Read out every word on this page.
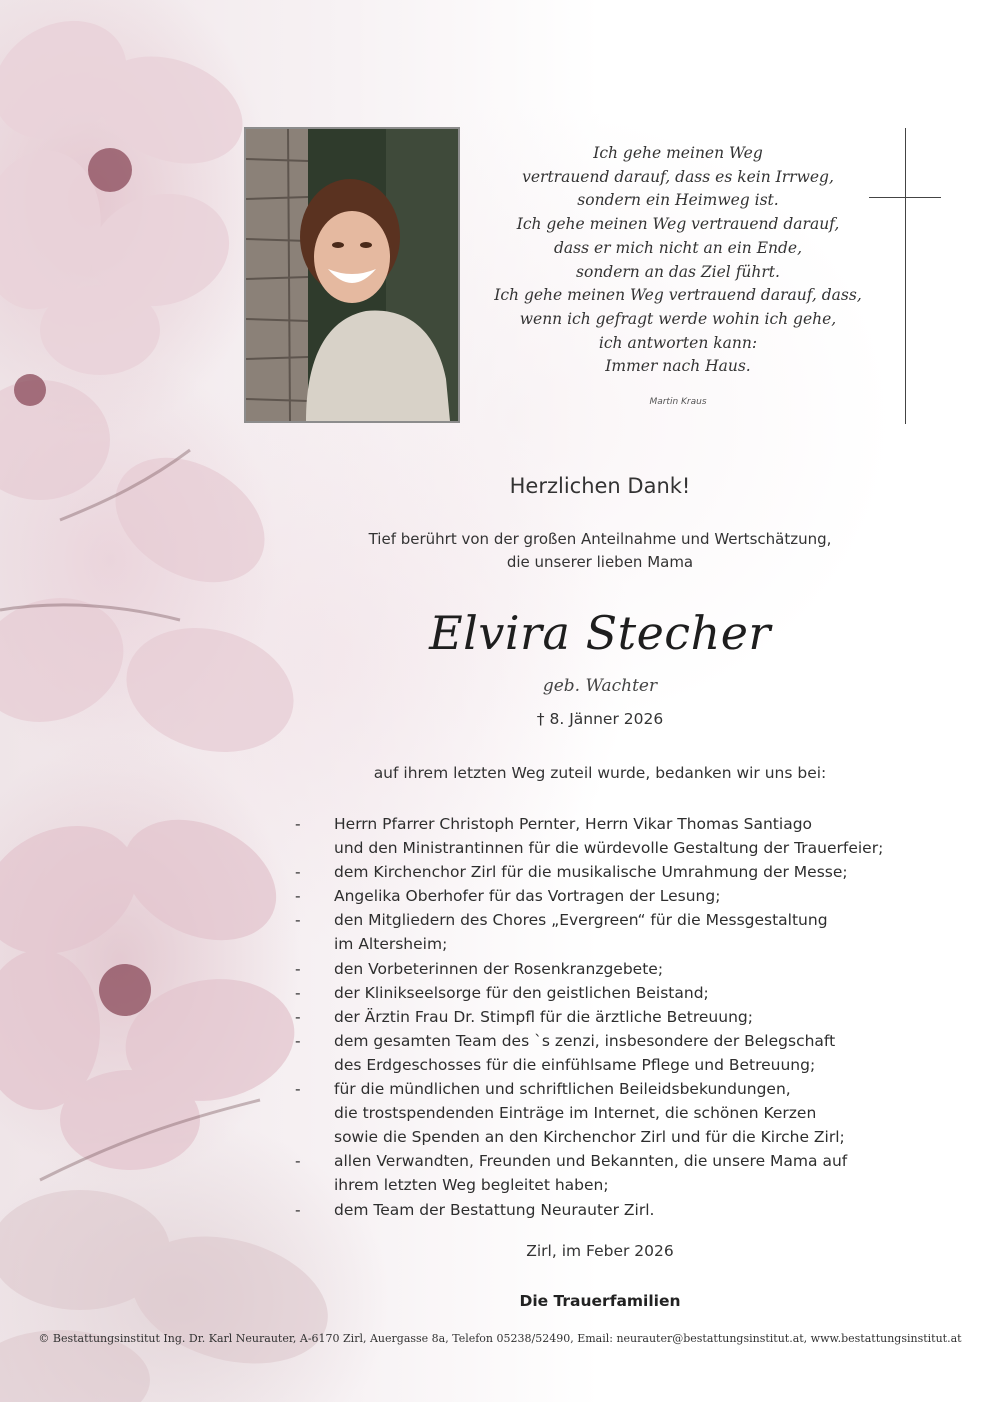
Ich gehe meinen Weg
vertrauend darauf, dass es kein Irrweg,
sondern ein Heimweg ist.
Ich gehe meinen Weg vertrauend darauf,
dass er mich nicht an ein Ende,
sondern an das Ziel führt.
Ich gehe meinen Weg vertrauend darauf, dass,
wenn ich gefragt werde wohin ich gehe,
ich antworten kann:
Immer nach Haus.
Martin Kraus
Herzlichen Dank!
Tief berührt von der großen Anteilnahme und Wertschätzung,
die unserer lieben Mama
Elvira Stecher
geb. Wachter
† 8. Jänner 2026
auf ihrem letzten Weg zuteil wurde, bedanken wir uns bei:
- Herrn Pfarrer Christoph Pernter, Herrn Vikar Thomas Santiago
und den Ministrantinnen für die würdevolle Gestaltung der Trauerfeier;
- dem Kirchenchor Zirl für die musikalische Umrahmung der Messe;
- Angelika Oberhofer für das Vortragen der Lesung;
- den Mitgliedern des Chores „Evergreen“ für die Messgestaltung
im Altersheim;
- den Vorbeterinnen der Rosenkranzgebete;
- der Klinikseelsorge für den geistlichen Beistand;
- der Ärztin Frau Dr. Stimpfl für die ärztliche Betreuung;
- dem gesamten Team des `s zenzi, insbesondere der Belegschaft
des Erdgeschosses für die einfühlsame Pflege und Betreuung;
- für die mündlichen und schriftlichen Beileidsbekundungen,
die trostspendenden Einträge im Internet, die schönen Kerzen
sowie die Spenden an den Kirchenchor Zirl und für die Kirche Zirl;
- allen Verwandten, Freunden und Bekannten, die unsere Mama auf
ihrem letzten Weg begleitet haben;
- dem Team der Bestattung Neurauter Zirl.
Zirl, im Feber 2026
Die Trauerfamilien
© Bestattungsinstitut Ing. Dr. Karl Neurauter, A-6170 Zirl, Auergasse 8a, Telefon 05238/52490, Email: neurauter@bestattungsinstitut.at, www.bestattungsinstitut.at
